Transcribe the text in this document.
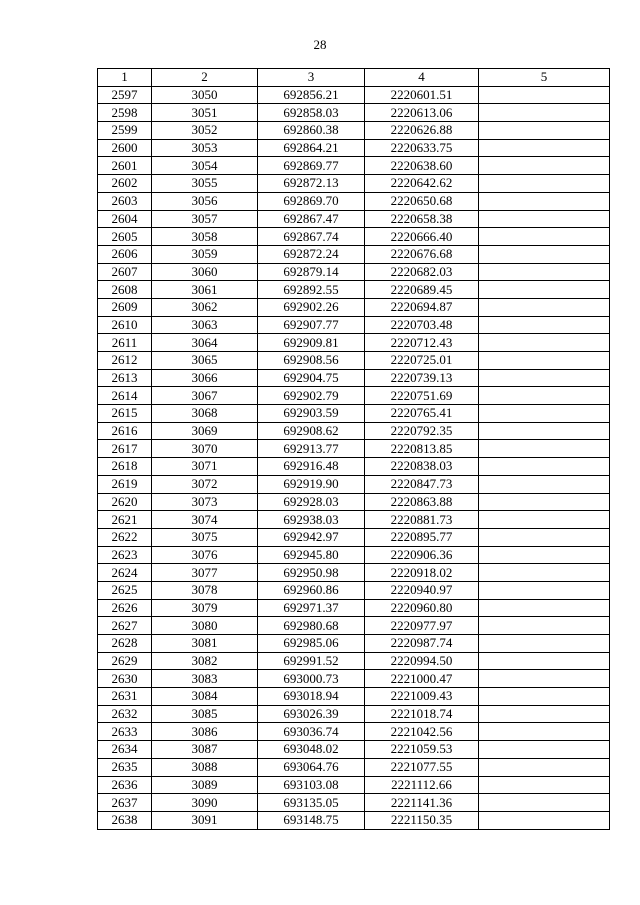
28
1	2	3	4	5
2597	3050	692856.21	2220601.51	
2598	3051	692858.03	2220613.06	
2599	3052	692860.38	2220626.88	
2600	3053	692864.21	2220633.75	
2601	3054	692869.77	2220638.60	
2602	3055	692872.13	2220642.62	
2603	3056	692869.70	2220650.68	
2604	3057	692867.47	2220658.38	
2605	3058	692867.74	2220666.40	
2606	3059	692872.24	2220676.68	
2607	3060	692879.14	2220682.03	
2608	3061	692892.55	2220689.45	
2609	3062	692902.26	2220694.87	
2610	3063	692907.77	2220703.48	
2611	3064	692909.81	2220712.43	
2612	3065	692908.56	2220725.01	
2613	3066	692904.75	2220739.13	
2614	3067	692902.79	2220751.69	
2615	3068	692903.59	2220765.41	
2616	3069	692908.62	2220792.35	
2617	3070	692913.77	2220813.85	
2618	3071	692916.48	2220838.03	
2619	3072	692919.90	2220847.73	
2620	3073	692928.03	2220863.88	
2621	3074	692938.03	2220881.73	
2622	3075	692942.97	2220895.77	
2623	3076	692945.80	2220906.36	
2624	3077	692950.98	2220918.02	
2625	3078	692960.86	2220940.97	
2626	3079	692971.37	2220960.80	
2627	3080	692980.68	2220977.97	
2628	3081	692985.06	2220987.74	
2629	3082	692991.52	2220994.50	
2630	3083	693000.73	2221000.47	
2631	3084	693018.94	2221009.43	
2632	3085	693026.39	2221018.74	
2633	3086	693036.74	2221042.56	
2634	3087	693048.02	2221059.53	
2635	3088	693064.76	2221077.55	
2636	3089	693103.08	2221112.66	
2637	3090	693135.05	2221141.36	
2638	3091	693148.75	2221150.35	
